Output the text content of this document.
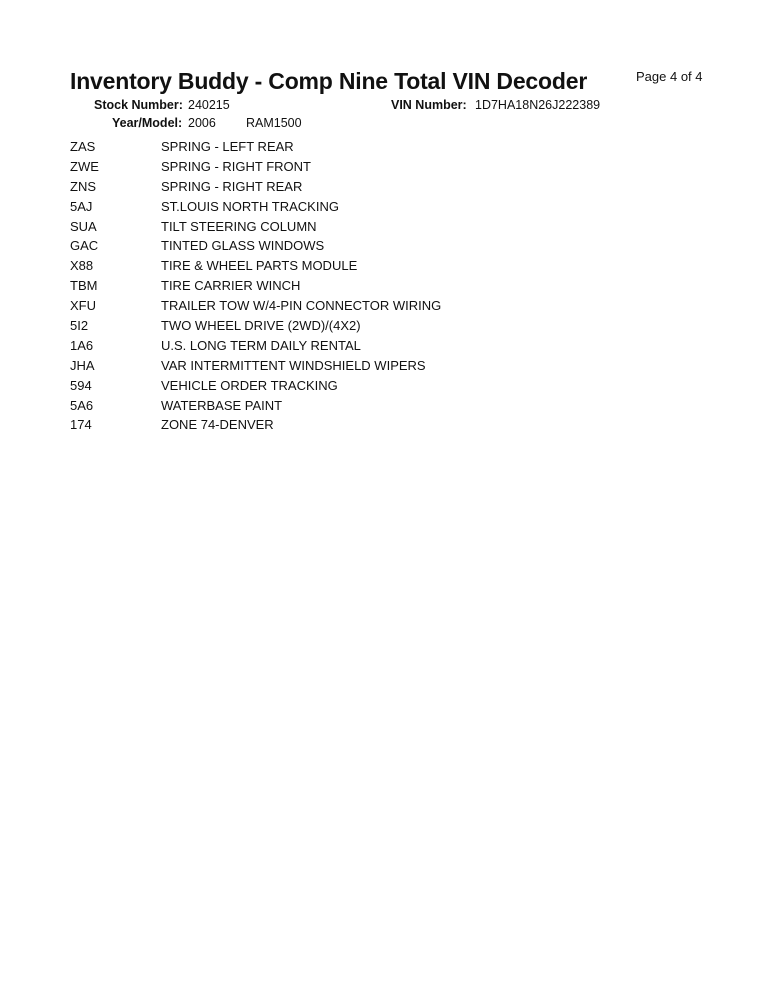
Inventory Buddy - Comp Nine Total VIN Decoder	Page 4 of 4
Stock Number: 240215	VIN Number: 1D7HA18N26J222389
Year/Model: 2006 RAM1500
ZAS	SPRING - LEFT REAR
ZWE	SPRING - RIGHT FRONT
ZNS	SPRING - RIGHT REAR
5AJ	ST.LOUIS NORTH TRACKING
SUA	TILT STEERING COLUMN
GAC	TINTED GLASS WINDOWS
X88	TIRE & WHEEL PARTS MODULE
TBM	TIRE CARRIER WINCH
XFU	TRAILER TOW W/4-PIN CONNECTOR WIRING
5I2	TWO WHEEL DRIVE (2WD)/(4X2)
1A6	U.S. LONG TERM DAILY RENTAL
JHA	VAR INTERMITTENT WINDSHIELD WIPERS
594	VEHICLE ORDER TRACKING
5A6	WATERBASE PAINT
174	ZONE 74-DENVER
